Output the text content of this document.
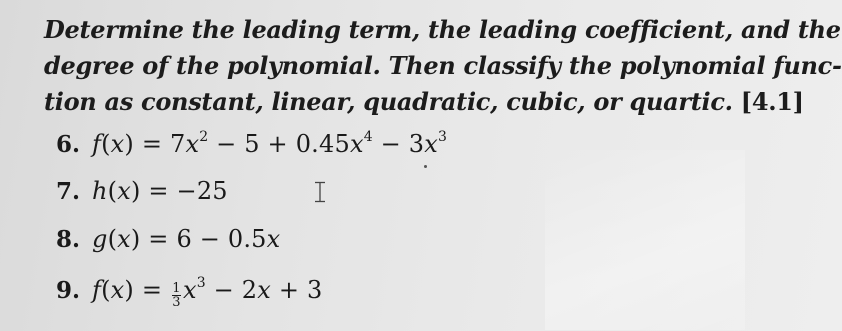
Determine the leading term, the leading coefficient, and the
degree of the polynomial. Then classify the polynomial func-
tion as constant, linear, quadratic, cubic, or quartic. [4.1]
6. $f(x) = 7x^2 - 5 + 0.45x^4 - 3x^3$
7. h(x) = −25
8. g(x) = 6 − 0.5x
9. $f(x) = \frac{1}{3} x^3 - 2x + 3$
